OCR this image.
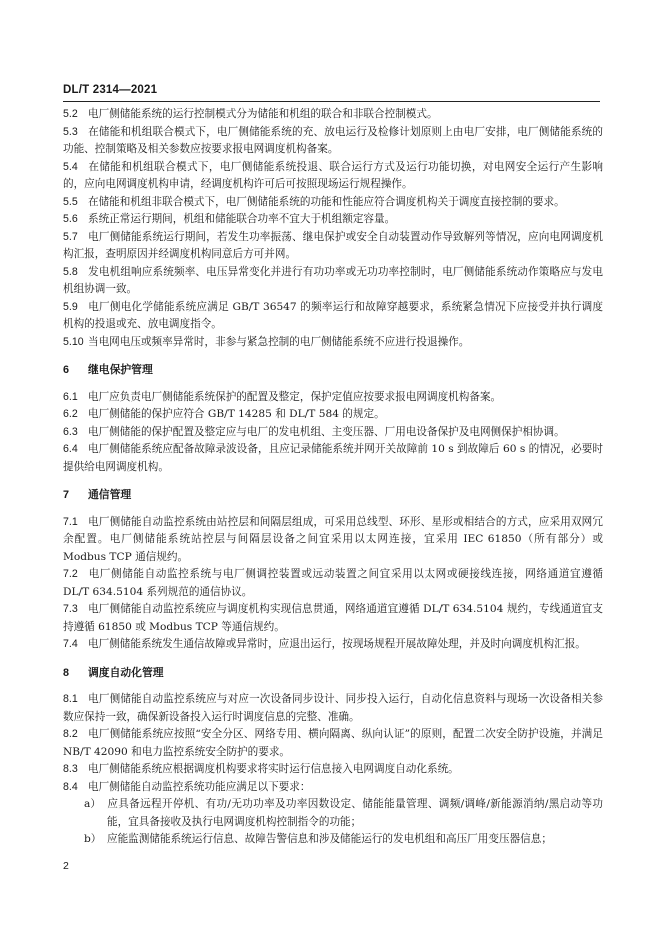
DL/T 2314—2021

5.2 电厂侧储能系统的运行控制模式分为储能和机组的联合和非联合控制模式。

5.3 在储能和机组联合模式下，电厂侧储能系统的充、放电运行及检修计划原则上由电厂安排，电厂侧储能系统的功能、控制策略及相关参数应按要求报电网调度机构备案。

5.4 在储能和机组联合模式下，电厂侧储能系统投退、联合运行方式及运行功能切换，对电网安全运行产生影响的，应向电网调度机构申请，经调度机构许可后可按照现场运行规程操作。

5.5 在储能和机组非联合模式下，电厂侧储能系统的功能和性能应符合调度机构关于调度直接控制的要求。

5.6 系统正常运行期间，机组和储能联合功率不宜大于机组额定容量。

5.7 电厂侧储能系统运行期间，若发生功率振荡、继电保护或安全自动装置动作导致解列等情况，应向电网调度机构汇报，查明原因并经调度机构同意后方可并网。

5.8 发电机组响应系统频率、电压异常变化并进行有功功率或无功功率控制时，电厂侧储能系统动作策略应与发电机组协调一致。

5.9 电厂侧电化学储能系统应满足 GB/T 36547 的频率运行和故障穿越要求，系统紧急情况下应接受并执行调度机构的投退或充、放电调度指令。

5.10 当电网电压或频率异常时，非参与紧急控制的电厂侧储能系统不应进行投退操作。

6 继电保护管理

6.1 电厂应负责电厂侧储能系统保护的配置及整定，保护定值应按要求报电网调度机构备案。

6.2 电厂侧储能的保护应符合 GB/T 14285 和 DL/T 584 的规定。

6.3 电厂侧储能的保护配置及整定应与电厂的发电机组、主变压器、厂用电设备保护及电网侧保护相协调。

6.4 电厂侧储能系统应配备故障录波设备，且应记录储能系统并网开关故障前 10 s 到故障后 60 s 的情况，必要时提供给电网调度机构。

7 通信管理

7.1 电厂侧储能自动监控系统由站控层和间隔层组成，可采用总线型、环形、星形或相结合的方式，应采用双网冗余配置。电厂侧储能系统站控层与间隔层设备之间宜采用以太网连接，宜采用 IEC 61850（所有部分）或 Modbus TCP 通信规约。

7.2 电厂侧储能自动监控系统与电厂侧调控装置或远动装置之间宜采用以太网或硬接线连接，网络通道宜遵循 DL/T 634.5104 系列规范的通信协议。

7.3 电厂侧储能自动监控系统应与调度机构实现信息贯通，网络通道宜遵循 DL/T 634.5104 规约，专线通道宜支持遵循 61850 或 Modbus TCP 等通信规约。

7.4 电厂侧储能系统发生通信故障或异常时，应退出运行，按现场规程开展故障处理，并及时向调度机构汇报。

8 调度自动化管理

8.1 电厂侧储能自动监控系统应与对应一次设备同步设计、同步投入运行，自动化信息资料与现场一次设备相关参数应保持一致，确保新设备投入运行时调度信息的完整、准确。

8.2 电厂侧储能系统应按照“安全分区、网络专用、横向隔离、纵向认证”的原则，配置二次安全防护设施，并满足 NB/T 42090 和电力监控系统安全防护的要求。

8.3 电厂侧储能系统应根据调度机构要求将实时运行信息接入电网调度自动化系统。

8.4 电厂侧储能自动监控系统功能应满足以下要求：

a） 应具备远程开停机、有功/无功功率及功率因数设定、储能能量管理、调频/调峰/新能源消纳/黑启动等功能，宜具备接收及执行电网调度机构控制指令的功能；

b） 应能监测储能系统运行信息、故障告警信息和涉及储能运行的发电机组和高压厂用变压器信息；

2
